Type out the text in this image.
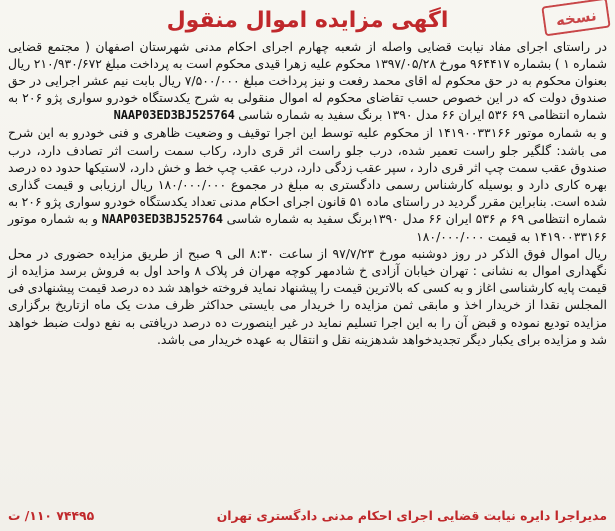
نسخه
اگهی مزایده اموال منقول

در راستای اجرای مفاد نیابت قضایی واصله از شعبه چهارم اجرای احکام مدنی شهرستان اصفهان ( مجتمع قضایی شماره ۱ ) بشماره ۹۶۴۴۱۷ مورخ ۱۳۹۷/۰۵/۲۸ محکوم علیه زهرا قیدی محکوم است به پرداخت مبلغ ۲۱۰/۹۳۰/۶۷۲ ریال بعنوان محکوم به در حق محکوم له اقای محمد رفعت و نیز پرداخت مبلغ ۷/۵۰۰/۰۰۰ ریال بابت نیم عشر اجرایی در حق صندوق دولت که در این خصوص حسب تقاضای محکوم له اموال منقولی به شرح یکدستگاه خودرو سواری پژو ۲۰۶ به شماره انتظامی ۶۹ ۵۳۶ ایران ۶۶ مدل ۱۳۹۰ برنگ سفید به شماره شاسی NAAP03ED3BJ525764

و به شماره موتور ۱۴۱۹۰۰۳۳۱۶۶ از محکوم علیه توسط این اجرا توقیف و وضعیت ظاهری و فنی خودرو به این شرح می باشد: گلگیر جلو راست تعمیر شده، درب جلو راست اثر قری دارد، رکاب سمت راست اثر تصادف دارد، درب صندوق عقب سمت چپ اثر قری دارد ، سپر عقب زدگی دارد، درب عقب چپ خط و خش دارد، لاستیکها حدود ده درصد بهره کاری دارد و بوسیله کارشناس رسمی دادگستری به مبلغ در مجموع ۱۸۰/۰۰۰/۰۰۰ ریال ارزیابی و قیمت گذاری شده است. بنابراین مقرر گردید در راستای ماده ۵۱ قانون اجرای احکام مدنی تعداد یکدستگاه خودرو سواری پژو ۲۰۶ به شماره انتظامی ۶۹ م ۵۳۶ ایران ۶۶ مدل ۱۳۹۰برنگ سفید به شماره شاسی NAAP03ED3BJ525764 و به شماره موتور ۱۴۱۹۰۰۳۳۱۶۶ به قیمت ۱۸۰/۰۰۰/۰۰۰

ریال اموال فوق الذکر در روز دوشنبه مورخ ۹۷/۷/۲۳ از ساعت ۸:۳۰ الی ۹ صبح از طریق مزایده حضوری در محل نگهداری اموال به نشانی : تهران خیابان آزادی خ شادمهر کوچه مهران فر پلاک ۸ واحد اول به فروش برسد مزایده از قیمت پایه کارشناسی اغاز و به کسی که بالاترین قیمت را پیشنهاد نماید فروخته خواهد شد ده درصد قیمت پیشنهادی فی المجلس نقدا از خریدار اخذ و مابقی ثمن مزایده را خریدار می بایستی حداکثر ظرف مدت یک ماه ازتاریخ برگزاری مزایده تودیع نموده و قبض آن را به این اجرا تسلیم نماید در غیر اینصورت ده درصد دریافتی به نفع دولت ضبط خواهد شد و مزایده برای یکبار دیگر تجدیدخواهد شدهزینه نقل و انتقال به عهده خریدار می باشد.

مدیراجرا دایره نیابت قضایی اجرای احکام مدنی دادگستری تهران
۷۴۴۹۵ ۱۱۰/ ت
